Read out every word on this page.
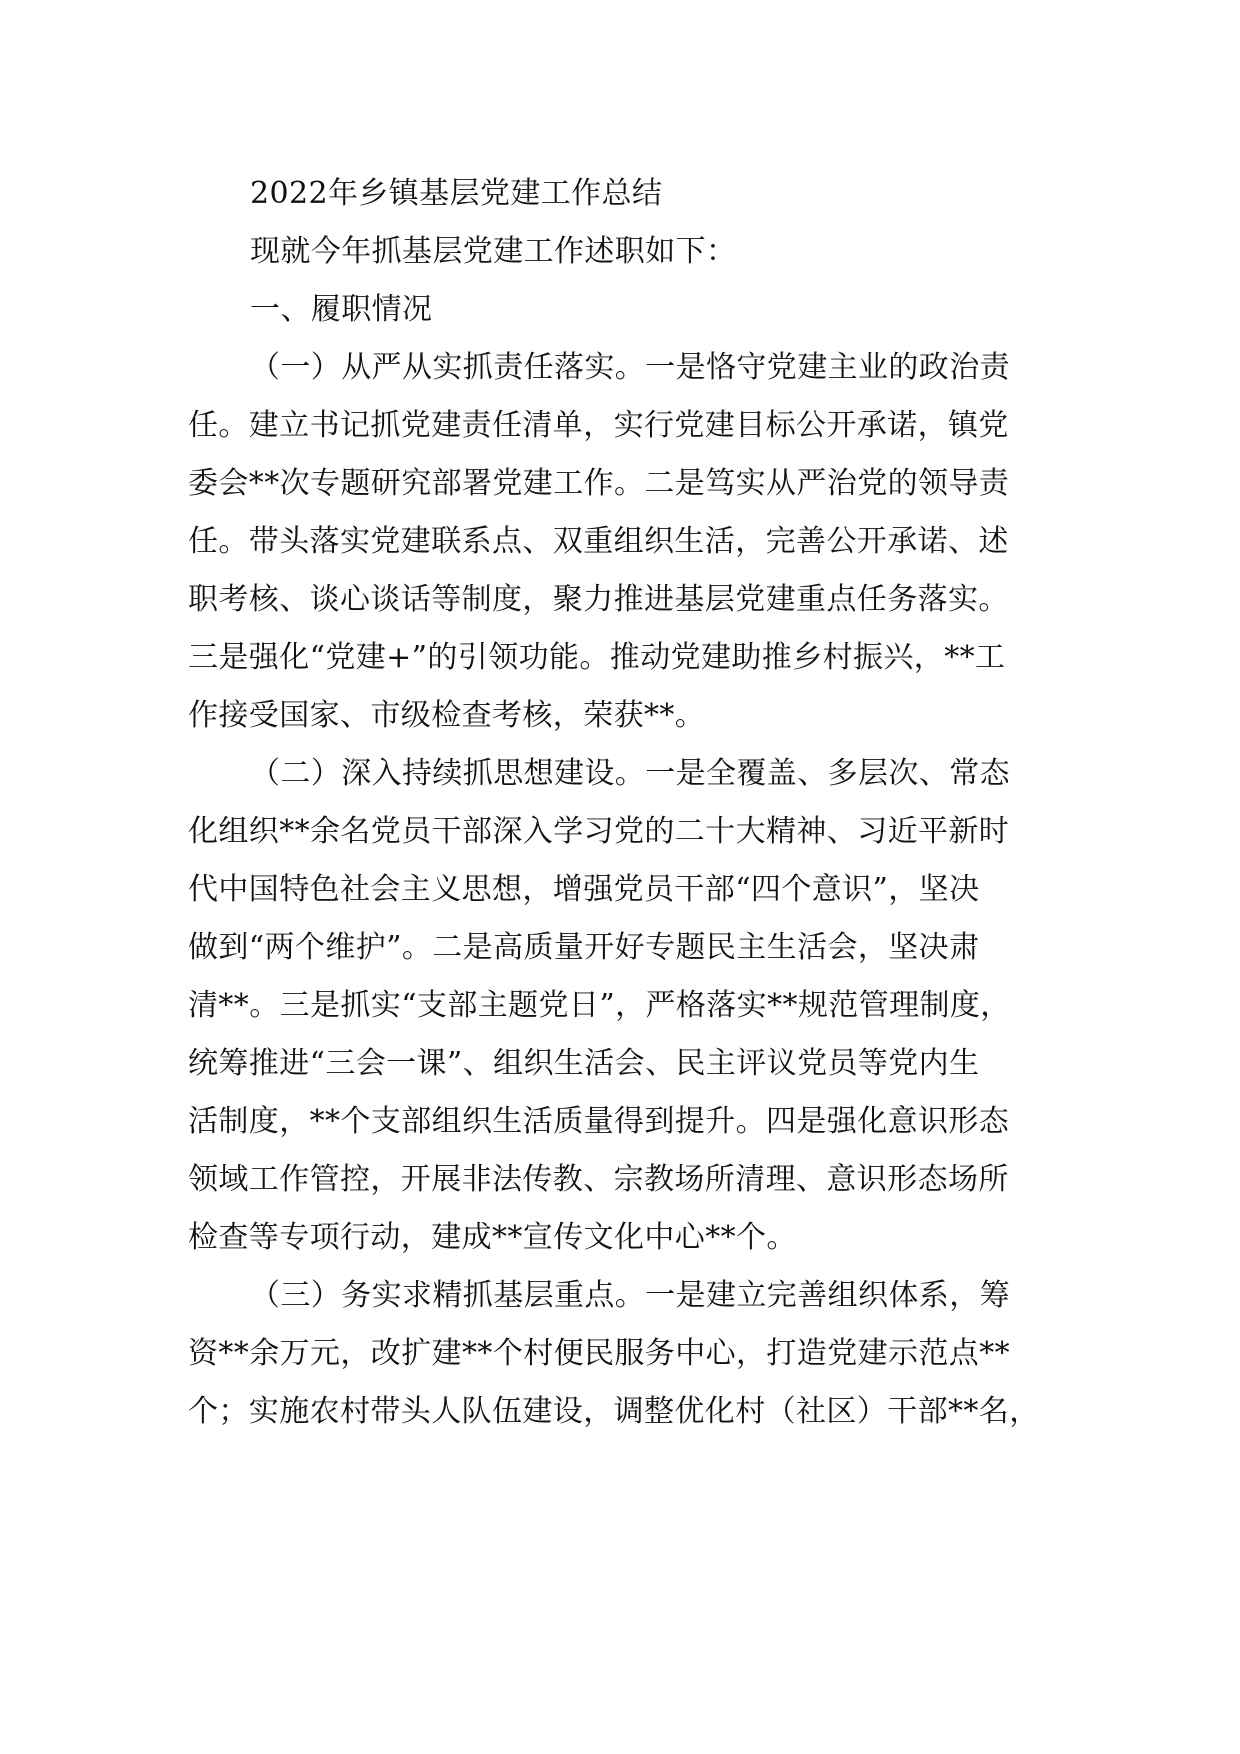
2022年乡镇基层党建工作总结
现就今年抓基层党建工作述职如下：
一、履职情况
（一）从严从实抓责任落实。一是恪守党建主业的政治责
任。建立书记抓党建责任清单，实行党建目标公开承诺，镇党
委会**次专题研究部署党建工作。二是笃实从严治党的领导责
任。带头落实党建联系点、双重组织生活，完善公开承诺、述
职考核、谈心谈话等制度，聚力推进基层党建重点任务落实。
三是强化“党建+”的引领功能。推动党建助推乡村振兴，**工
作接受国家、市级检查考核，荣获**。
（二）深入持续抓思想建设。一是全覆盖、多层次、常态
化组织**余名党员干部深入学习党的二十大精神、习近平新时
代中国特色社会主义思想，增强党员干部“四个意识”，坚决
做到“两个维护”。二是高质量开好专题民主生活会，坚决肃
清**。三是抓实“支部主题党日”，严格落实**规范管理制度，
统筹推进“三会一课”、组织生活会、民主评议党员等党内生
活制度，**个支部组织生活质量得到提升。四是强化意识形态
领域工作管控，开展非法传教、宗教场所清理、意识形态场所
检查等专项行动，建成**宣传文化中心**个。
（三）务实求精抓基层重点。一是建立完善组织体系，筹
资**余万元，改扩建**个村便民服务中心，打造党建示范点**
个；实施农村带头人队伍建设，调整优化村（社区）干部**名，
